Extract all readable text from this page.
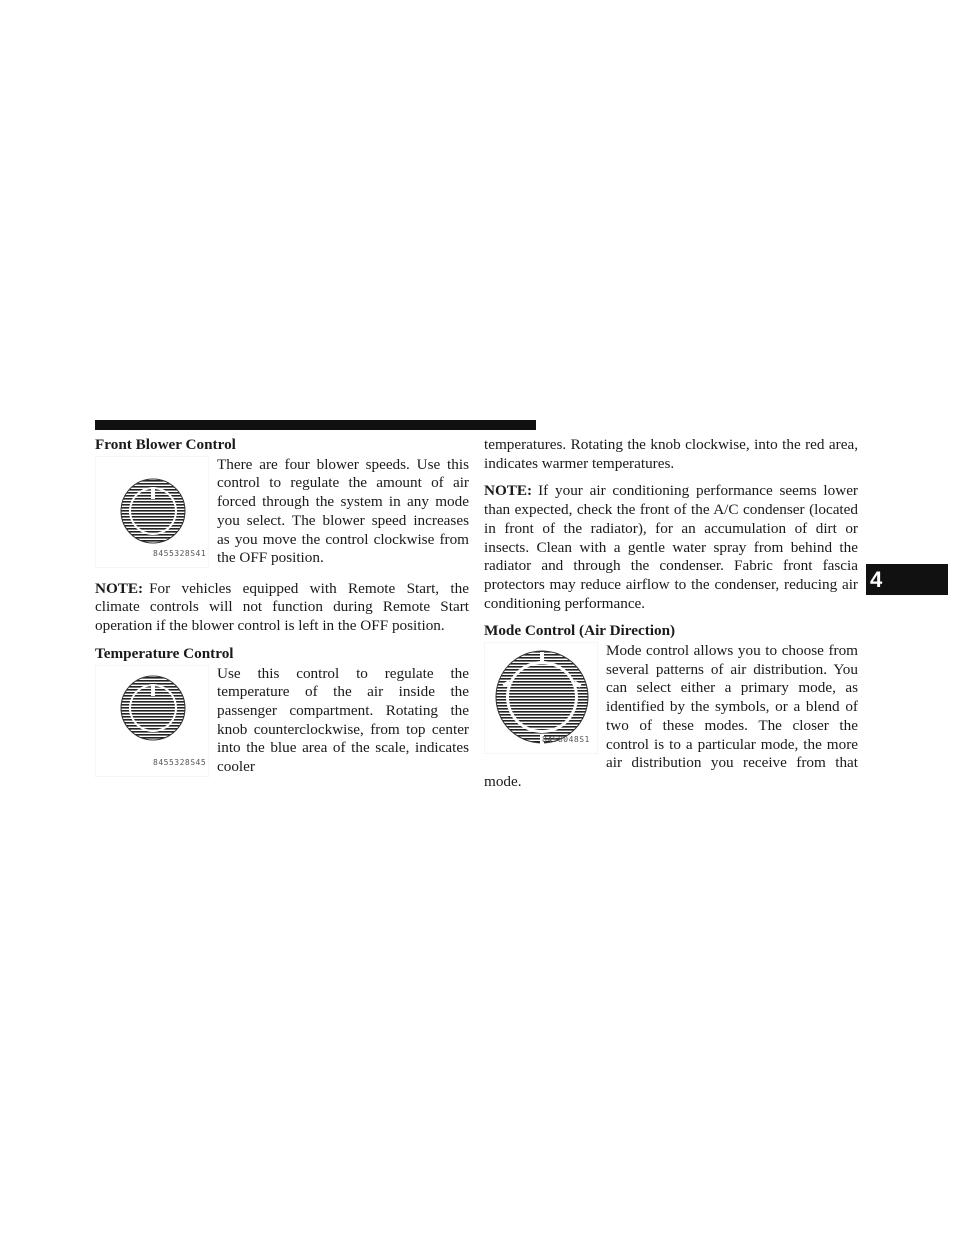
Front Blower Control
8455328S41

There are four blower speeds. Use this control to regulate the amount of air forced through the system in any mode you select. The blower speed increases as you move the control clockwise from the OFF position.

NOTE: For vehicles equipped with Remote Start, the climate controls will not function during Remote Start operation if the blower control is left in the OFF position.

Temperature Control
8455328S45

Use this control to regulate the temperature of the air inside the passenger compartment. Rotating the knob counterclockwise, from top center into the blue area of the scale, indicates cooler

temperatures. Rotating the knob clockwise, into the red area, indicates warmer temperatures.

NOTE: If your air conditioning performance seems lower than expected, check the front of the A/C condenser (located in front of the radiator), for an accumulation of dirt or insects. Clean with a gentle water spray from behind the radiator and through the condenser. Fabric front fascia protectors may reduce airflow to the condenser, reducing air conditioning performance.

Mode Control (Air Direction)
8458048S1

Mode control allows you to choose from several patterns of air distribution. You can select either a primary mode, as identified by the symbols, or a blend of two of these modes. The closer the control is to a particular mode, the more air distribution you receive from that mode.

4
